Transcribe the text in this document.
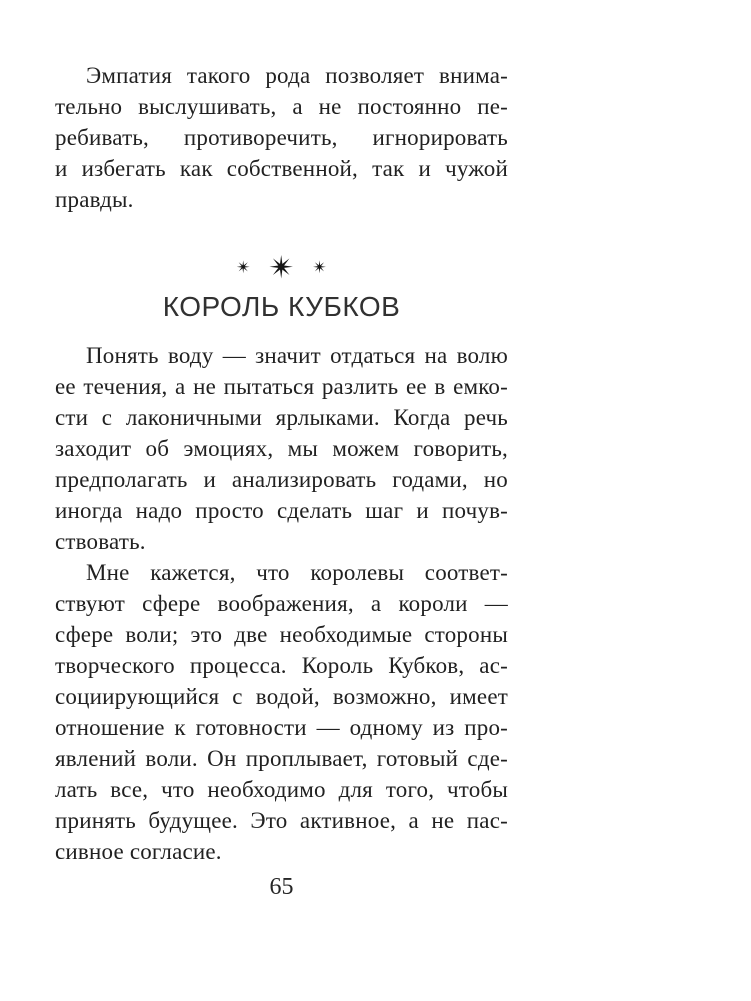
Эмпатия такого рода позволяет внима-
тельно выслушивать, а не постоянно пе-
ребивать, противоречить, игнорировать
и избегать как собственной, так и чужой
правды.
✴ ✴ ✴
КОРОЛЬ КУБКОВ
Понять воду — значит отдаться на волю
ее течения, а не пытаться разлить ее в емко-
сти с лаконичными ярлыками. Когда речь
заходит об эмоциях, мы можем говорить,
предполагать и анализировать годами, но
иногда надо просто сделать шаг и почув-
ствовать.
Мне кажется, что королевы соответ-
ствуют сфере воображения, а короли —
сфере воли; это две необходимые стороны
творческого процесса. Король Кубков, ас-
социирующийся с водой, возможно, имеет
отношение к готовности — одному из про-
явлений воли. Он проплывает, готовый сде-
лать все, что необходимо для того, чтобы
принять будущее. Это активное, а не пас-
сивное согласие.
65
